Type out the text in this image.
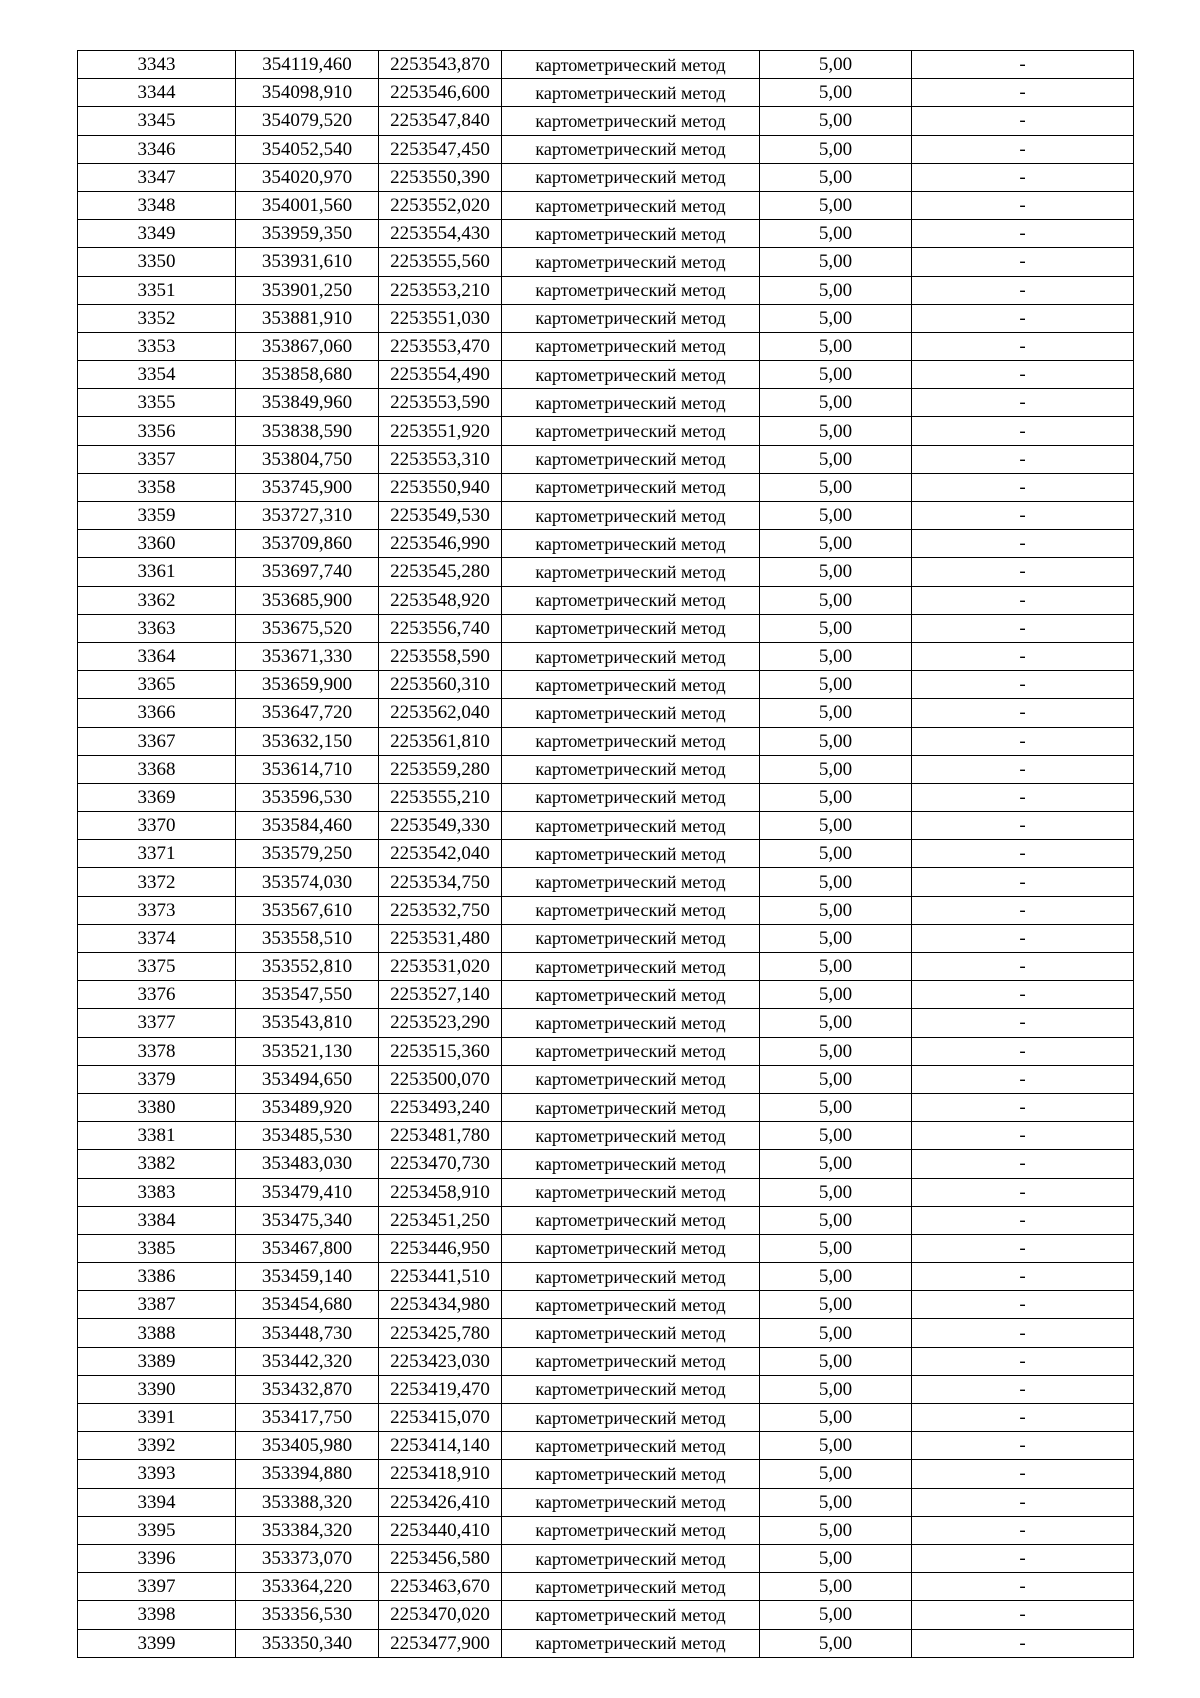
3343	354119,460	2253543,870	картометрический метод	5,00	-
3344	354098,910	2253546,600	картометрический метод	5,00	-
3345	354079,520	2253547,840	картометрический метод	5,00	-
3346	354052,540	2253547,450	картометрический метод	5,00	-
3347	354020,970	2253550,390	картометрический метод	5,00	-
3348	354001,560	2253552,020	картометрический метод	5,00	-
3349	353959,350	2253554,430	картометрический метод	5,00	-
3350	353931,610	2253555,560	картометрический метод	5,00	-
3351	353901,250	2253553,210	картометрический метод	5,00	-
3352	353881,910	2253551,030	картометрический метод	5,00	-
3353	353867,060	2253553,470	картометрический метод	5,00	-
3354	353858,680	2253554,490	картометрический метод	5,00	-
3355	353849,960	2253553,590	картометрический метод	5,00	-
3356	353838,590	2253551,920	картометрический метод	5,00	-
3357	353804,750	2253553,310	картометрический метод	5,00	-
3358	353745,900	2253550,940	картометрический метод	5,00	-
3359	353727,310	2253549,530	картометрический метод	5,00	-
3360	353709,860	2253546,990	картометрический метод	5,00	-
3361	353697,740	2253545,280	картометрический метод	5,00	-
3362	353685,900	2253548,920	картометрический метод	5,00	-
3363	353675,520	2253556,740	картометрический метод	5,00	-
3364	353671,330	2253558,590	картометрический метод	5,00	-
3365	353659,900	2253560,310	картометрический метод	5,00	-
3366	353647,720	2253562,040	картометрический метод	5,00	-
3367	353632,150	2253561,810	картометрический метод	5,00	-
3368	353614,710	2253559,280	картометрический метод	5,00	-
3369	353596,530	2253555,210	картометрический метод	5,00	-
3370	353584,460	2253549,330	картометрический метод	5,00	-
3371	353579,250	2253542,040	картометрический метод	5,00	-
3372	353574,030	2253534,750	картометрический метод	5,00	-
3373	353567,610	2253532,750	картометрический метод	5,00	-
3374	353558,510	2253531,480	картометрический метод	5,00	-
3375	353552,810	2253531,020	картометрический метод	5,00	-
3376	353547,550	2253527,140	картометрический метод	5,00	-
3377	353543,810	2253523,290	картометрический метод	5,00	-
3378	353521,130	2253515,360	картометрический метод	5,00	-
3379	353494,650	2253500,070	картометрический метод	5,00	-
3380	353489,920	2253493,240	картометрический метод	5,00	-
3381	353485,530	2253481,780	картометрический метод	5,00	-
3382	353483,030	2253470,730	картометрический метод	5,00	-
3383	353479,410	2253458,910	картометрический метод	5,00	-
3384	353475,340	2253451,250	картометрический метод	5,00	-
3385	353467,800	2253446,950	картометрический метод	5,00	-
3386	353459,140	2253441,510	картометрический метод	5,00	-
3387	353454,680	2253434,980	картометрический метод	5,00	-
3388	353448,730	2253425,780	картометрический метод	5,00	-
3389	353442,320	2253423,030	картометрический метод	5,00	-
3390	353432,870	2253419,470	картометрический метод	5,00	-
3391	353417,750	2253415,070	картометрический метод	5,00	-
3392	353405,980	2253414,140	картометрический метод	5,00	-
3393	353394,880	2253418,910	картометрический метод	5,00	-
3394	353388,320	2253426,410	картометрический метод	5,00	-
3395	353384,320	2253440,410	картометрический метод	5,00	-
3396	353373,070	2253456,580	картометрический метод	5,00	-
3397	353364,220	2253463,670	картометрический метод	5,00	-
3398	353356,530	2253470,020	картометрический метод	5,00	-
3399	353350,340	2253477,900	картометрический метод	5,00	-
